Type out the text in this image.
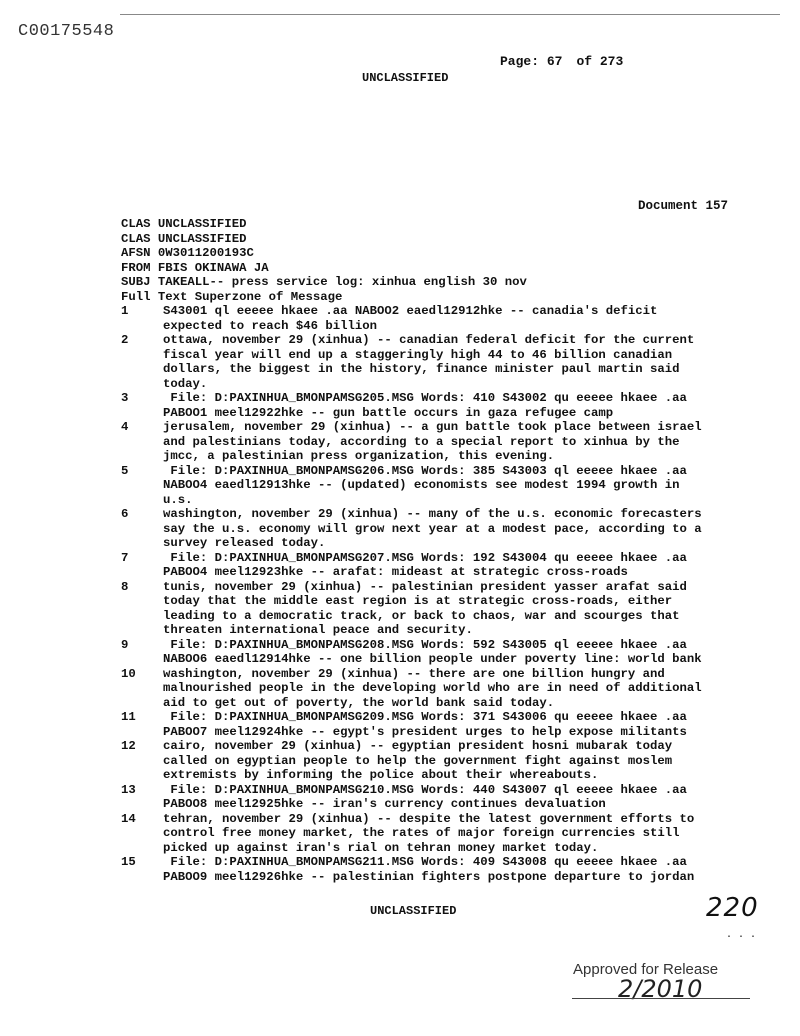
C00175548
Page: 67 of 273
UNCLASSIFIED
Document 157
CLAS UNCLASSIFIED
CLAS UNCLASSIFIED
AFSN 0W3011200193C
FROM FBIS OKINAWA JA
SUBJ TAKEALL-- press service log: xinhua english 30 nov
Full Text Superzone of Message
1	S43001 ql eeeee hkaee .aa NABOO2 eaedl12912hke -- canadia's deficit
expected to reach $46 billion
2	ottawa, november 29 (xinhua) -- canadian federal deficit for the current
fiscal year will end up a staggeringly high 44 to 46 billion canadian
dollars, the biggest in the history, finance minister paul martin said
today.
3	File: D:PAXINHUA_BMONPAMSG205.MSG Words: 410 S43002 qu eeeee hkaee .aa
PABOO1 meel12922hke -- gun battle occurs in gaza refugee camp
4	jerusalem, november 29 (xinhua) -- a gun battle took place between israel
and palestinians today, according to a special report to xinhua by the
jmcc, a palestinian press organization, this evening.
5	File: D:PAXINHUA_BMONPAMSG206.MSG Words: 385 S43003 ql eeeee hkaee .aa
NABOO4 eaedl12913hke -- (updated) economists see modest 1994 growth in
u.s.
6	washington, november 29 (xinhua) -- many of the u.s. economic forecasters
say the u.s. economy will grow next year at a modest pace, according to a
survey released today.
7	File: D:PAXINHUA_BMONPAMSG207.MSG Words: 192 S43004 qu eeeee hkaee .aa
PABOO4 meel12923hke -- arafat: mideast at strategic cross-roads
8	tunis, november 29 (xinhua) -- palestinian president yasser arafat said
today that the middle east region is at strategic cross-roads, either
leading to a democratic track, or back to chaos, war and scourges that
threaten international peace and security.
9	File: D:PAXINHUA_BMONPAMSG208.MSG Words: 592 S43005 ql eeeee hkaee .aa
NABOO6 eaedl12914hke -- one billion people under poverty line: world bank
10	washington, november 29 (xinhua) -- there are one billion hungry and
malnourished people in the developing world who are in need of additional
aid to get out of poverty, the world bank said today.
11	File: D:PAXINHUA_BMONPAMSG209.MSG Words: 371 S43006 qu eeeee hkaee .aa
PABOO7 meel12924hke -- egypt's president urges to help expose militants
12	cairo, november 29 (xinhua) -- egyptian president hosni mubarak today
called on egyptian people to help the government fight against moslem
extremists by informing the police about their whereabouts.
13	File: D:PAXINHUA_BMONPAMSG210.MSG Words: 440 S43007 ql eeeee hkaee .aa
PABOO8 meel12925hke -- iran's currency continues devaluation
14	tehran, november 29 (xinhua) -- despite the latest government efforts to
control free money market, the rates of major foreign currencies still
picked up against iran's rial on tehran money market today.
15	File: D:PAXINHUA_BMONPAMSG211.MSG Words: 409 S43008 qu eeeee hkaee .aa
PABOO9 meel12926hke -- palestinian fighters postpone departure to jordan
UNCLASSIFIED	220
. . .
Approved for Release
2/2010
